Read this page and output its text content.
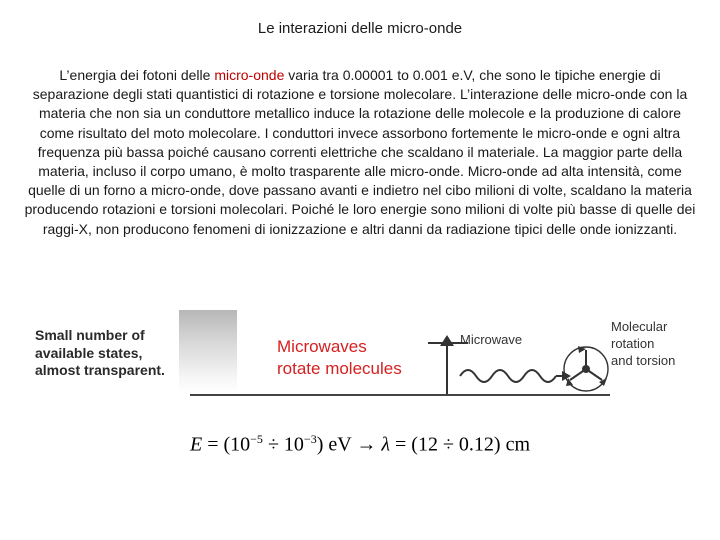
Le interazioni delle micro-onde
L’energia dei fotoni delle micro-onde varia tra 0.00001 to 0.001 e.V, che sono le tipiche energie di separazione degli stati quantistici di rotazione e torsione molecolare. L’interazione delle micro-onde con la materia che non sia un conduttore metallico induce la rotazione delle molecole e la produzione di calore come risultato del moto molecolare. I conduttori invece assorbono fortemente le micro-onde e ogni altra frequenza più bassa poiché causano correnti elettriche che scaldano il materiale. La maggior parte della materia, incluso il corpo umano, è molto trasparente alle micro-onde. Micro-onde ad alta intensità, come quelle di un forno a micro-onde, dove passano avanti e indietro nel cibo milioni di volte, scaldano la materia producendo rotazioni e torsioni molecolari. Poiché le loro energie sono milioni di volte più basse di quelle dei raggi-X, non producono fenomeni di ionizzazione e altri danni da radiazione tipici delle onde ionizzanti.
Small number of
available states,
almost transparent.
Microwaves
rotate molecules
Microwave
Molecular
rotation
and torsion
$E = (10^{-5} \div 10^{-3})$ eV → λ = (12 ÷ 0.12) cm
